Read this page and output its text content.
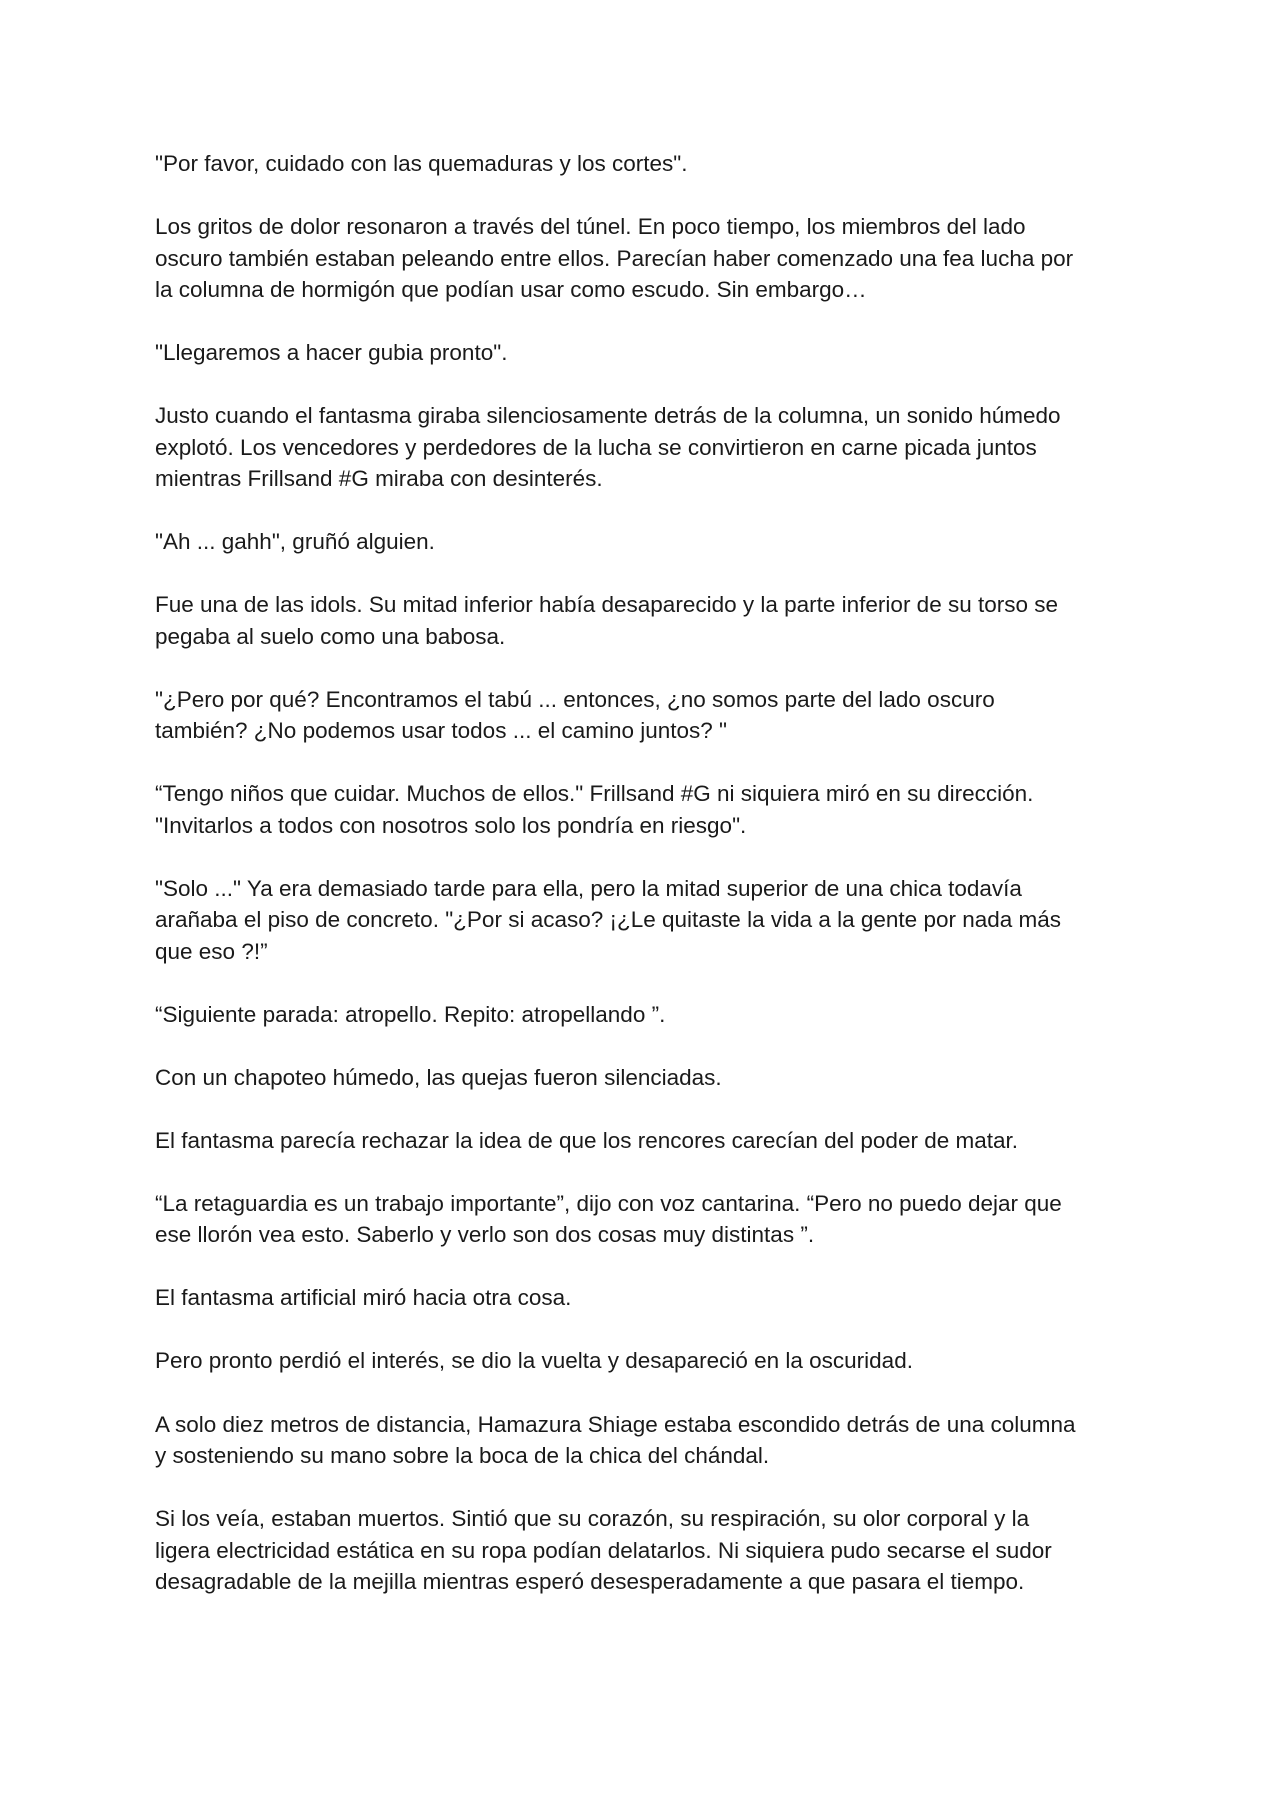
"Por favor, cuidado con las quemaduras y los cortes".

Los gritos de dolor resonaron a través del túnel. En poco tiempo, los miembros del lado
oscuro también estaban peleando entre ellos. Parecían haber comenzado una fea lucha por
la columna de hormigón que podían usar como escudo. Sin embargo…

"Llegaremos a hacer gubia pronto".

Justo cuando el fantasma giraba silenciosamente detrás de la columna, un sonido húmedo
explotó. Los vencedores y perdedores de la lucha se convirtieron en carne picada juntos
mientras Frillsand #G miraba con desinterés.

"Ah ... gahh", gruñó alguien.

Fue una de las idols. Su mitad inferior había desaparecido y la parte inferior de su torso se
pegaba al suelo como una babosa.

"¿Pero por qué? Encontramos el tabú ... entonces, ¿no somos parte del lado oscuro
también? ¿No podemos usar todos ... el camino juntos? "

“Tengo niños que cuidar. Muchos de ellos." Frillsand #G ni siquiera miró en su dirección.
"Invitarlos a todos con nosotros solo los pondría en riesgo".

"Solo ..." Ya era demasiado tarde para ella, pero la mitad superior de una chica todavía
arañaba el piso de concreto. "¿Por si acaso? ¡¿Le quitaste la vida a la gente por nada más
que eso ?!”

“Siguiente parada: atropello. Repito: atropellando ”.

Con un chapoteo húmedo, las quejas fueron silenciadas.

El fantasma parecía rechazar la idea de que los rencores carecían del poder de matar.

“La retaguardia es un trabajo importante”, dijo con voz cantarina. “Pero no puedo dejar que
ese llorón vea esto. Saberlo y verlo son dos cosas muy distintas ”.

El fantasma artificial miró hacia otra cosa.

Pero pronto perdió el interés, se dio la vuelta y desapareció en la oscuridad.

A solo diez metros de distancia, Hamazura Shiage estaba escondido detrás de una columna
y sosteniendo su mano sobre la boca de la chica del chándal.

Si los veía, estaban muertos. Sintió que su corazón, su respiración, su olor corporal y la
ligera electricidad estática en su ropa podían delatarlos. Ni siquiera pudo secarse el sudor
desagradable de la mejilla mientras esperó desesperadamente a que pasara el tiempo.
